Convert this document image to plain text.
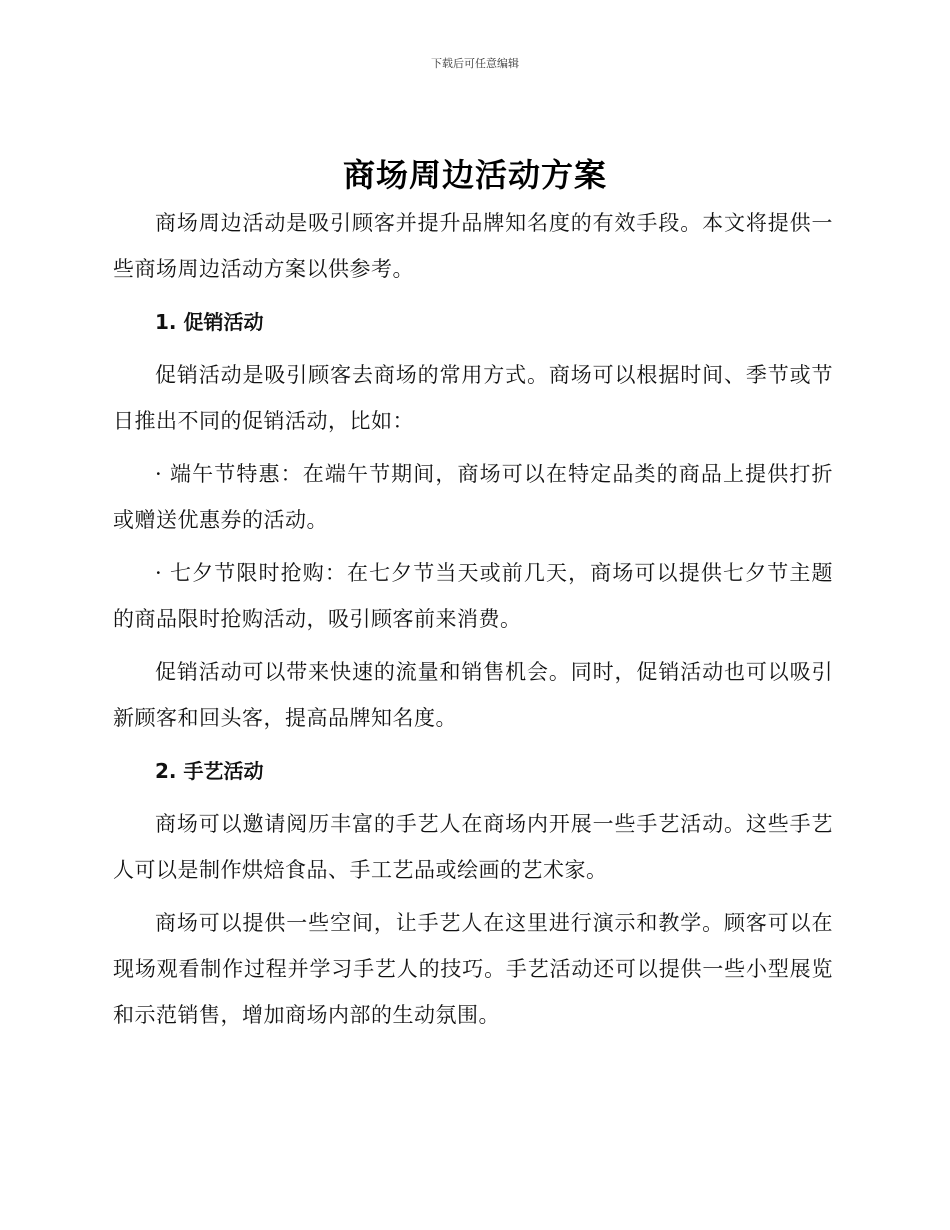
下载后可任意编辑
商场周边活动方案

商场周边活动是吸引顾客并提升品牌知名度的有效手段。本文将提供一些商场周边活动方案以供参考。

1. 促销活动

促销活动是吸引顾客去商场的常用方式。商场可以根据时间、季节或节日推出不同的促销活动，比如：

· 端午节特惠：在端午节期间，商场可以在特定品类的商品上提供打折或赠送优惠券的活动。

· 七夕节限时抢购：在七夕节当天或前几天，商场可以提供七夕节主题的商品限时抢购活动，吸引顾客前来消费。

促销活动可以带来快速的流量和销售机会。同时，促销活动也可以吸引新顾客和回头客，提高品牌知名度。

2. 手艺活动

商场可以邀请阅历丰富的手艺人在商场内开展一些手艺活动。这些手艺人可以是制作烘焙食品、手工艺品或绘画的艺术家。

商场可以提供一些空间，让手艺人在这里进行演示和教学。顾客可以在现场观看制作过程并学习手艺人的技巧。手艺活动还可以提供一些小型展览和示范销售，增加商场内部的生动氛围。
